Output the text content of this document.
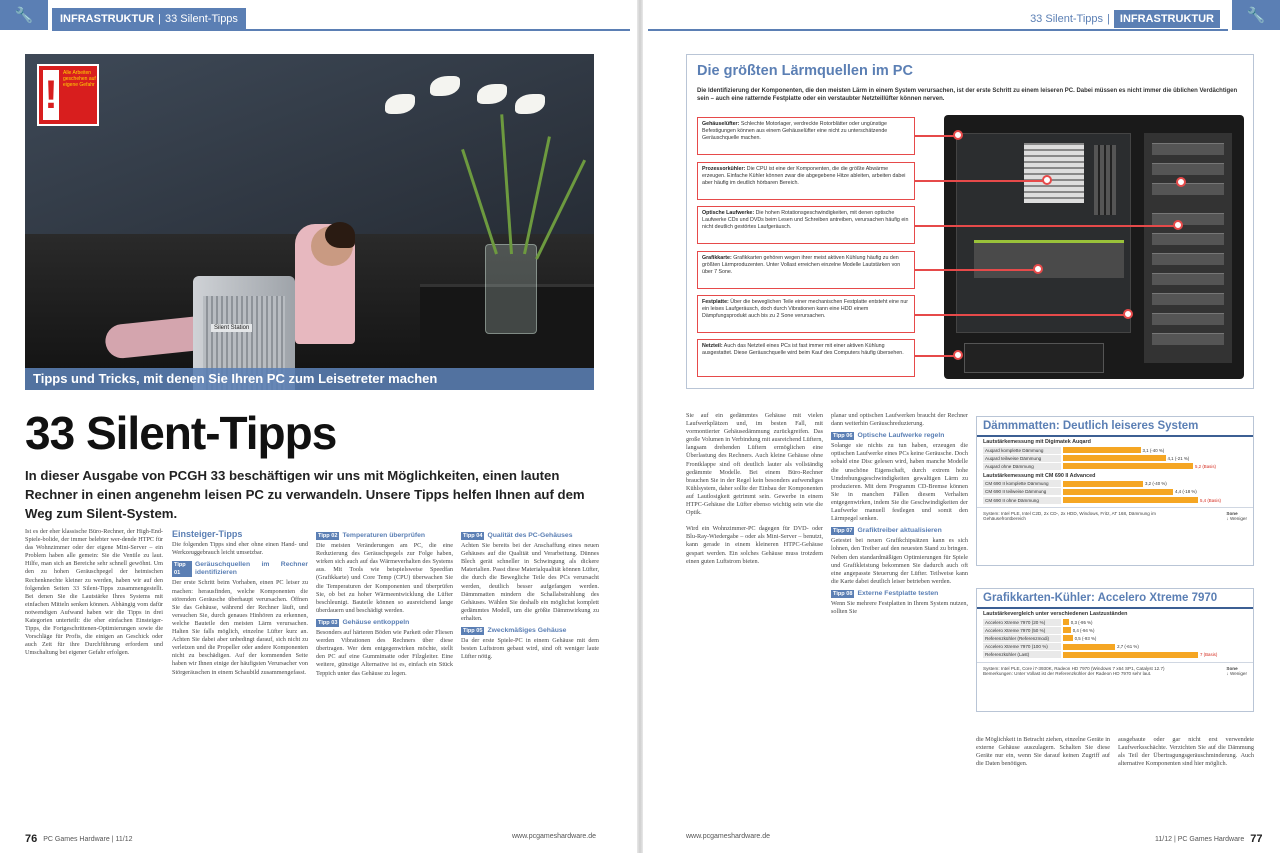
🔧	INFRASTRUKTUR | 33 Silent-Tipps	33 Silent-Tipps | INFRASTRUKTUR	🔧
Silent Station
! Alle Arbeiten geschehen auf eigene Gefahr
Tipps und Tricks, mit denen Sie Ihren PC zum Leisetreter machen
33 Silent-Tipps
In dieser Ausgabe von PCGH 33 beschäftigen wir uns mit Möglichkeiten, einen lauten Rechner in einen angenehm leisen PC zu verwandeln. Unsere Tipps helfen Ihnen auf dem Weg zum Silent-System.
Ist es der eher klassische Büro-Rechner, der High-End-Spiele-bolide, der immer belebter wer-dende HTPC für das Wohnzimmer oder der eigene Mini-Server – ein Problem haben alle gemein: Sie die Ventile zu laut. Hilfe, man sich an Bereiche sehr schnell gewöhnt. Um den zu hohen Geräuschpegel der heimischen Rechenknechte kleiner zu werden, haben wir auf den folgenden Seiten 33 Silent-Tipps zusammengestellt. Bei denen Sie die Lautstärke Ihres Systems mit einfachen Mitteln senken können. Abhängig vom dafür notwendigen Aufwand haben wir die Tipps in drei Kategorien unterteilt: die eher einfachen Einsteiger-Tipps, die Fortgeschrittenen-Optimierungen sowie die Vorschläge für Profis, die einigen an Geschick oder auch Zeit für ihre Durchführung erfordern und Umschaltung bei eigener Gefahr erfolgen.
Einsteiger-Tipps
Die folgenden Tipps sind eher ohne einen Hand- und Werkzeuggebrauch leicht umsetzbar.
Tipp 01
Geräuschquellen im Rechner identifizieren
Der erste Schritt beim Vorhaben, einen PC leiser zu machen: herausfinden, welche Komponenten die störenden Geräusche überhaupt verursachen. Öffnen Sie das Gehäuse, während der Rechner läuft, und versuchen Sie, durch genaues Hinhören zu erkennen, welche Bauteile den meisten Lärm verursachen. Halten Sie falls möglich, einzelne Lüfter kurz an. Achten Sie dabei aber unbedingt darauf, sich nicht zu verletzen und die Propeller oder andere Komponenten nicht zu beschädigen. Auf der kommenden Seite haben wir Ihnen einige der häufigsten Verursacher von Störgeräuschen in einem Schaubild zusammengefasst.
Tipp 02 Temperaturen überprüfen
Die meisten Veränderungen am PC, die eine Reduzierung des Geräuschpegels zur Folge haben, wirken sich auch auf das Wärmeverhalten des Systems aus. Mit Tools wie beispielsweise Speedfan (Grafikkarte) und Core Temp (CPU) überwachen Sie die Temperaturen der Komponenten und überprüfen Sie, ob bei zu hoher Wärmeentwicklung die Lüfter beschleunigt. Bauteile können so ausreichend lange überdauern und beschädigt werden.
Tipp 03 Gehäuse entkoppeln
Besonders auf härteren Böden wie Parkett oder Fliesen werden Vibrationen des Rechners über diese übertragen. Wer dem entgegenwirken möchte, stellt den PC auf eine Gummimatte oder Filzgleiter. Eine weitere, günstige Alternative ist es, einfach ein Stück Teppich unter das Gehäuse zu legen.
Tipp 04 Qualität des PC-Gehäuses
Achten Sie bereits bei der Anschaffung eines neuen Gehäuses auf die Qualität und Verarbeitung. Dünnes Blech gerät schneller in Schwingung als dickere Materialien. Passt diese Materialqualität können Lüfter, die durch die Bewegliche Teile des PCs verursacht werden, deutlich besser aufgefangen werden. Dämmmatten mindern die Schallabstrahlung des Gehäuses. Wählen Sie deshalb ein möglichst komplett gedämmtes Modell, um die größte Dämmwirkung zu erhalten.
Tipp 05 Zweckmäßiges Gehäuse
Da der erste Spiele-PC in einem Gehäuse mit dem besten Luftstrom gebaut wird, sind oft weniger laute Lüfter nötig.
76 PC Games Hardware | 11/12	www.pcgameshardware.de
Die größten Lärmquellen im PC
Die Identifizierung der Komponenten, die den meisten Lärm in einem System verursachen, ist der erste Schritt zu einem leiseren PC. Dabei müssen es nicht immer die üblichen Verdächtigen sein – auch eine ratternde Festplatte oder ein verstaubter Netzteillüfter können nerven.
Gehäuselüfter: Schlechte Motorlager, verdreckte Rotorblätter oder ungünstige Befestigungen können aus einem Gehäuselüfter eine nicht zu unterschätzende Geräuschquelle machen.
Prozessorkühler: Die CPU ist eine der Komponenten, die die größte Abwärme erzeugen. Einfache Kühler können zwar die abgegebene Hitze ableiten, arbeiten dabei aber häufig im deutlich hörbaren Bereich.
Optische Laufwerke: Die hohen Rotationsgeschwindigkeiten, mit denen optische Laufwerke CDs und DVDs beim Lesen und Schreiben antreiben, verursachen häufig ein nicht deutlich gestörtes Laufgeräusch.
Grafikkarte: Grafikkarten gehören wegen ihrer meist aktiven Kühlung häufig zu den größten Lärmproduzenten. Unter Vollast erreichen einzelne Modelle Lautstärken von über 7 Sone.
Festplatte: Über die beweglichen Teile einer mechanischen Festplatte entsteht eine nur ein leises Laufgeräusch, doch durch Vibrationen kann eine HDD einem Dämpfungsprodukt auch bis zu 2 Sone verursachen.
Netzteil: Auch das Netzteil eines PCs ist fast immer mit einer aktiven Kühlung ausgestattet. Diese Geräuschquelle wird beim Kauf des Computers häufig übersehen.
Sie auf ein gedämmtes Gehäuse mit vielen Laufwerkplätzen und, im besten Fall, mit vormontierter Gehäusedämmung zurückgreifen. Das große Volumen in Verbindung mit ausreichend Lüftern, langsam drehenden Lüftern ermöglichen eine Überlastung des Rechners. Auch kleine Gehäuse ohne Frontklappe sind oft deutlich lauter als vollständig gedämmte Modelle. Bei einem Büro-Rechner brauchen Sie in der Regel kein besonders aufwendiges Kühlsystem, daher sollte der Einbau der Komponenten auf Lautlosigkeit getrimmt sein. Gewerbe in einem HTPC-Gehäuse die Lüfter ebenso wichtig sein wie die Optik.
Wird ein Wohnzimmer-PC dagegen für DVD- oder Blu-Ray-Wiedergabe – oder als Mini-Server – benutzt, kann gerade in einem kleineren HTPC-Gehäuse gespart werden. Ein solches Gehäuse muss trotzdem einen guten Luftstrom bieten.
planar und optischen Laufwerken braucht der Rechner dann weiterhin Geräuschreduzierung.
Tipp 06 Optische Laufwerke regeln
Solange sie nichts zu tun haben, erzeugen die optischen Laufwerke eines PCs keine Geräusche. Doch sobald eine Disc gelesen wird, haben manche Modelle die unschöne Eigenschaft, durch extrem hohe Umdrehungsgeschwindigkeiten gewaltigen Lärm zu produzieren. Mit dem Programm CD-Bremse können Sie in manchen Fällen diesem Verhalten entgegenwirken, indem Sie die Geschwindigkeiten der Laufwerke manuell festlegen und somit den Lärmpegel senken.
Tipp 07 Grafiktreiber aktualisieren
Getestet bei neuen Grafikchipsätzen kann es sich lohnen, den Treiber auf den neuesten Stand zu bringen. Neben den standardmäßigen Optimierungen für Spiele und Grafikleistung bekommen Sie dadurch auch oft eine angepasste Steuerung der Lüfter. Teilweise kann die Karte dabei deutlich leiser betrieben werden.
Tipp 08 Externe Festplatte testen
Wenn Sie mehrere Festplatten in Ihrem System nutzen, sollten Sie
die Möglichkeit in Betracht ziehen, einzelne Geräte in externe Gehäuse auszulagern. Schalten Sie diese Geräte nur ein, wenn Sie darauf keinen Zugriff auf die Daten benötigen.
ausgebaute oder gar nicht erst verwendete Laufwerksschächte. Verzichten Sie auf die Dämmung als Teil der Übertragungsgeräuschminderung. Auch alternative Komponenten sind hier möglich.
Dämmmatten: Deutlich leiseres System
Lautstärkemessung mit Digimatek Auqard
Auqard komplette Dämmung	3,1 (-40 %)
Auqard teilweise Dämmung	4,1 (-21 %)
Auqard ohne Dämmung	5,2 (Basis)
Lautstärkemessung mit CM 690 II Advanced
CM 690 II komplette Dämmung	3,2 (-40 %)
CM 690 II teilweise Dämmung	4,4 (-18 %)
CM 690 II ohne Dämmung	5,4 (Basis)
System: Intel PLE, Intel C2D, 2x CD-, 2x HDD, Windows, Fritz, AT 168, Dämmung im Gehäusefrontbereich
Sone
↓ Weniger
Grafikkarten-Kühler: Accelero Xtreme 7970
Lautstärkevergleich unter verschiedenen Lastzuständen
Accelero Xtreme 7970 (20 %)	0,3 (-95 %)
Accelero Xtreme 7970 (50 %)	0,4 (-94 %)
Referenzkühler (Referenzmodi)	0,5 (-93 %)
Accelero Xtreme 7970 (100 %)	2,7 (-61 %)
Referenzkühler (Last)	7 (Basis)
System: Intel PLE, Core i7-3930K, Radeon HD 7970 (Windows 7 x64 SP1, Catalyst 12.7) Bemerkungen: Unter Vollast ist der Referenzkühler der Radeon HD 7970 sehr laut.
Sone
↓ Weniger
www.pcgameshardware.de	11/12 | PC Games Hardware 77
